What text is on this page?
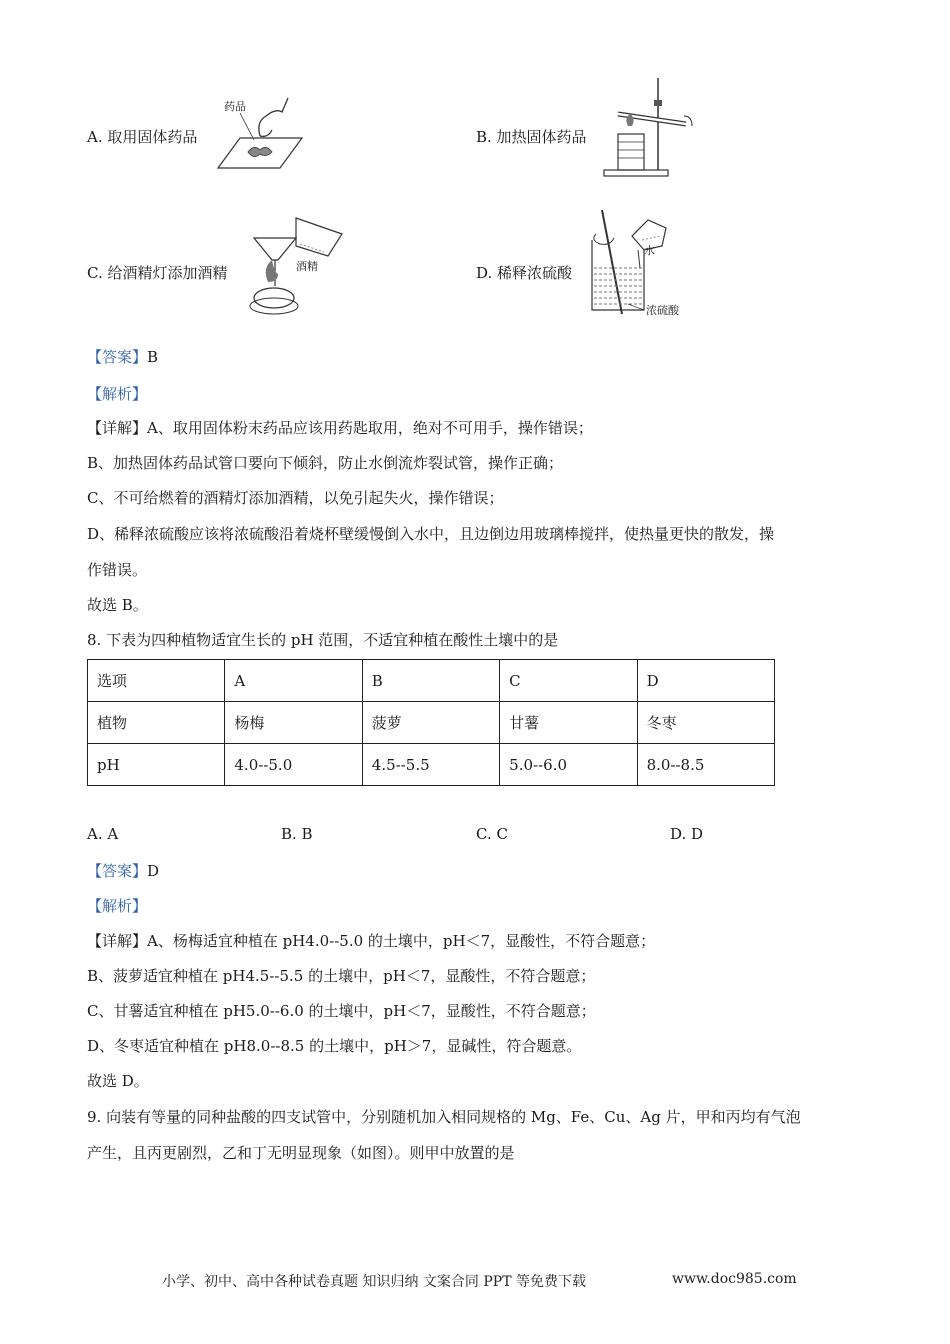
A. 取用固体药品
药品
B. 加热固体药品
C. 给酒精灯添加酒精	酒精	D. 稀释浓硫酸
水
浓硫酸
【答案】B
【解析】
【详解】A、取用固体粉末药品应该用药匙取用，绝对不可用手，操作错误；
B、加热固体药品试管口要向下倾斜，防止水倒流炸裂试管，操作正确；
C、不可给燃着的酒精灯添加酒精，以免引起失火，操作错误；
D、稀释浓硫酸应该将浓硫酸沿着烧杯壁缓慢倒入水中，且边倒边用玻璃棒搅拌，使热量更快的散发，操
作错误。
故选 B。
8. 下表为四种植物适宜生长的 pH 范围，不适宜种植在酸性土壤中的是
选项	A	B	C	D
植物	杨梅	菠萝	甘薯	冬枣
pH	4.0--5.0	4.5--5.5	5.0--6.0	8.0--8.5
A. A	B. B	C. C	D. D
【答案】D
【解析】
【详解】A、杨梅适宜种植在 pH4.0--5.0 的土壤中，pH＜7，显酸性，不符合题意；
B、菠萝适宜种植在 pH4.5--5.5 的土壤中，pH＜7，显酸性，不符合题意；
C、甘薯适宜种植在 pH5.0--6.0 的土壤中，pH＜7，显酸性，不符合题意；
D、冬枣适宜种植在 pH8.0--8.5 的土壤中，pH＞7，显碱性，符合题意。
故选 D。
9. 向装有等量的同种盐酸的四支试管中，分别随机加入相同规格的 Mg、Fe、Cu、Ag 片，甲和丙均有气泡
产生，且丙更剧烈，乙和丁无明显现象（如图）。则甲中放置的是
小学、初中、高中各种试卷真题 知识归纳 文案合同 PPT 等免费下载	www.doc985.com
